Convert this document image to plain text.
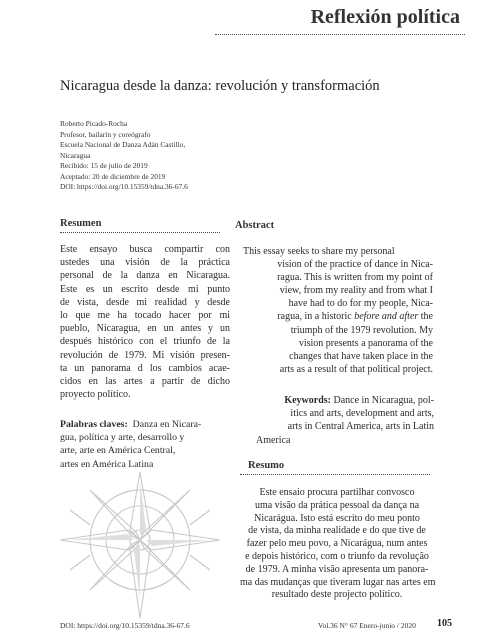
Reflexión política
Nicaragua desde la danza: revolución y transformación
Roberto Picado-Rocha
Profesor, bailarín y coreógrafo
Escuela Nacional de Danza Adán Castillo,
Nicaragua
Recibido: 15 de julio de 2019
Aceptado: 20 de diciembre de 2019
DOI: https://doi.org/10.15359/tdna.36-67.6
Resumen
Este ensayo busca compartir con
ustedes una visión de la práctica
personal de la danza en Nicaragua.
Este es un escrito desde mi punto
de vista, desde mi realidad y desde
lo que me ha tocado hacer por mi
pueblo, Nicaragua, en un antes y un
después histórico con el triunfo de la
revolución de 1979. Mi visión presen-
ta un panorama d los cambios acae-
cidos en las artes a partir de dicho
proyecto político.
Palabras claves: Danza en Nicara-
gua, política y arte, desarrollo y
arte, arte en América Central,
artes en América Latina
Abstract
This essay seeks to share my personal
vision of the practice of dance in Nica-
ragua. This is written from my point of
view, from my reality and from what I
have had to do for my people, Nica-
ragua, in a historic before and after the
triumph of the 1979 revolution. My
vision presents a panorama of the
changes that have taken place in the
arts as a result of that political project.
Keywords: Dance in Nicaragua, pol-
itics and arts, development and arts,
arts in Central America, arts in Latin
America
Resumo
Este ensaio procura partilhar convosco
uma visão da prática pessoal da dança na
Nicarágua. Isto está escrito do meu ponto
de vista, da minha realidade e do que tive de
fazer pelo meu povo, a Nicarágua, num antes
e depois histórico, com o triunfo da revolução
de 1979. A minha visão apresenta um panora-
ma das mudanças que tiveram lugar nas artes em
resultado deste projecto político.
DOI: https://doi.org/10.15359/tdna.36-67.6	Vol.36 N° 67 Enero-junio / 2020 105
